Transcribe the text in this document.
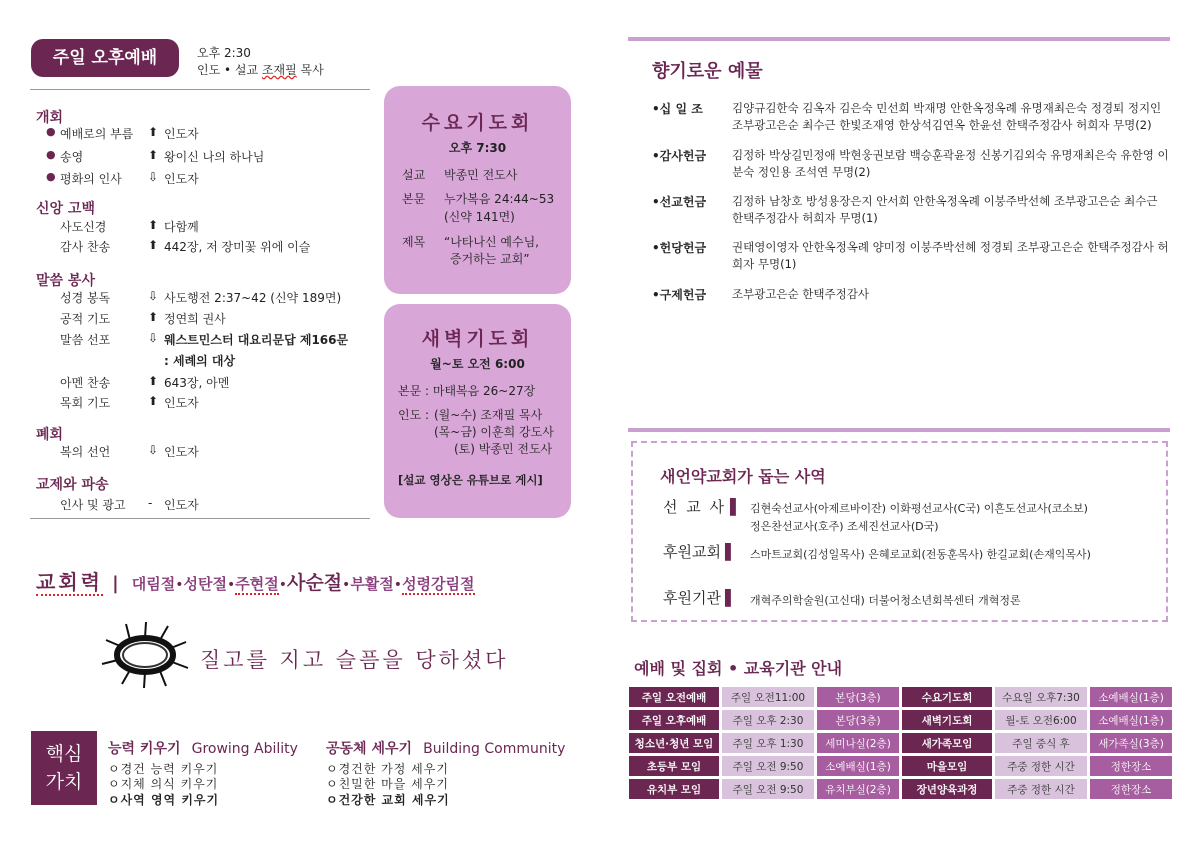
주일 오후예배	오후 2:30
인도 • 설교 조재필 목사
개회
● 예배로의 부름 ⬆ 인도자
● 송영	⬆ 왕이신 나의 하나님
● 평화의 인사 ⇩ 인도자
신앙 고백
사도신경	⬆ 다함께
감사 찬송	⬆ 442장, 저 장미꽃 위에 이슬
말씀 봉사
성경 봉독	⇩ 사도행전 2:37~42 (신약 189면)
공적 기도	⬆ 정연희 권사
말씀 선포	⇩ 웨스트민스터 대요리문답 제166문
: 세례의 대상
아멘 찬송	⬆ 643장, 아멘
목회 기도	⬆ 인도자
폐회
복의 선언	⇩ 인도자
교제와 파송
인사 및 광고 - 인도자
수요기도회
오후 7:30
설교 박종민 전도사
본문 누가복음 24:44~53
(신약 141면)
제목 “나타나신 예수님,
증거하는 교회”
새벽기도회
월~토 오전 6:00
본문 : 마태복음 26~27장
인도 : (월~수) 조재필 목사
(목~금) 이훈희 강도사
(토) 박종민 전도사
[설교 영상은 유튜브로 게시]
교회력 | 대림절•성탄절•주현절•사순절•부활절•성령강림절
질고를 지고 슬픔을 당하셨다
핵심
가치
능력 키우기 Growing Ability
ㅇ경건 능력 키우기
ㅇ지체 의식 키우기
ㅇ사역 영역 키우기
공동체 세우기 Building Community
ㅇ경건한 가정 세우기
ㅇ친밀한 마을 세우기
ㅇ건강한 교회 세우기
향기로운 예물
•십 일 조	김양규김한숙 김옥자 김은숙 민선희 박재명 안한옥정옥례 유명재최은숙 정경퇴 정지인 조부광고은순 최수근 한빛조재영 한상석김연옥 한윤선 한택주정감사 허희자 무명(2)
•감사헌금 김정하 박상길민정애 박현웅권보람 백승훈곽윤정 신봉기김외숙 유명재최은숙 유한영 이분숙 정인용 조석연 무명(2)
•선교헌금 김정하 남창호 방성용장은지 안서희 안한옥정옥례 이붕주박선혜 조부광고은순 최수근 한택주정감사 허희자 무명(1)
•헌당헌금 권태영이영자 안한옥정옥례 양미정 이붕주박선혜 정경퇴 조부광고은순 한택주정감사 허희자 무명(1)
•구제헌금 조부광고은순 한택주정감사
새언약교회가 돕는 사역
선 교 사 ▌ 김현숙선교사(아제르바이잔) 이화평선교사(C국) 이흔도선교사(코소보)
정은찬선교사(호주) 조세진선교사(D국)
후원교회 ▌ 스마트교회(김성일목사) 은혜로교회(전동훈목사) 한길교회(손재익목사)
후원기관 ▌ 개혁주의학술원(고신대) 더불어청소년회복센터 개혁정론
예배 및 집회 • 교육기관 안내
주일 오전예배	주일 오전11:00	본당(3층)	수요기도회	수요일 오후7:30	소예배실(1층)
주일 오후예배	주일 오후 2:30	본당(3층)	새벽기도회	월-토 오전6:00	소예배실(1층)
청소년·청년 모임	주일 오후 1:30	세미나실(2층)	새가족모임	주일 중식 후	새가족실(3층)
초등부 모임	주일 오전 9:50	소예배실(1층)	마을모임	주중 정한 시간	정한장소
유치부 모임	주일 오전 9:50	유치부실(2층)	장년양육과정	주중 정한 시간	정한장소
